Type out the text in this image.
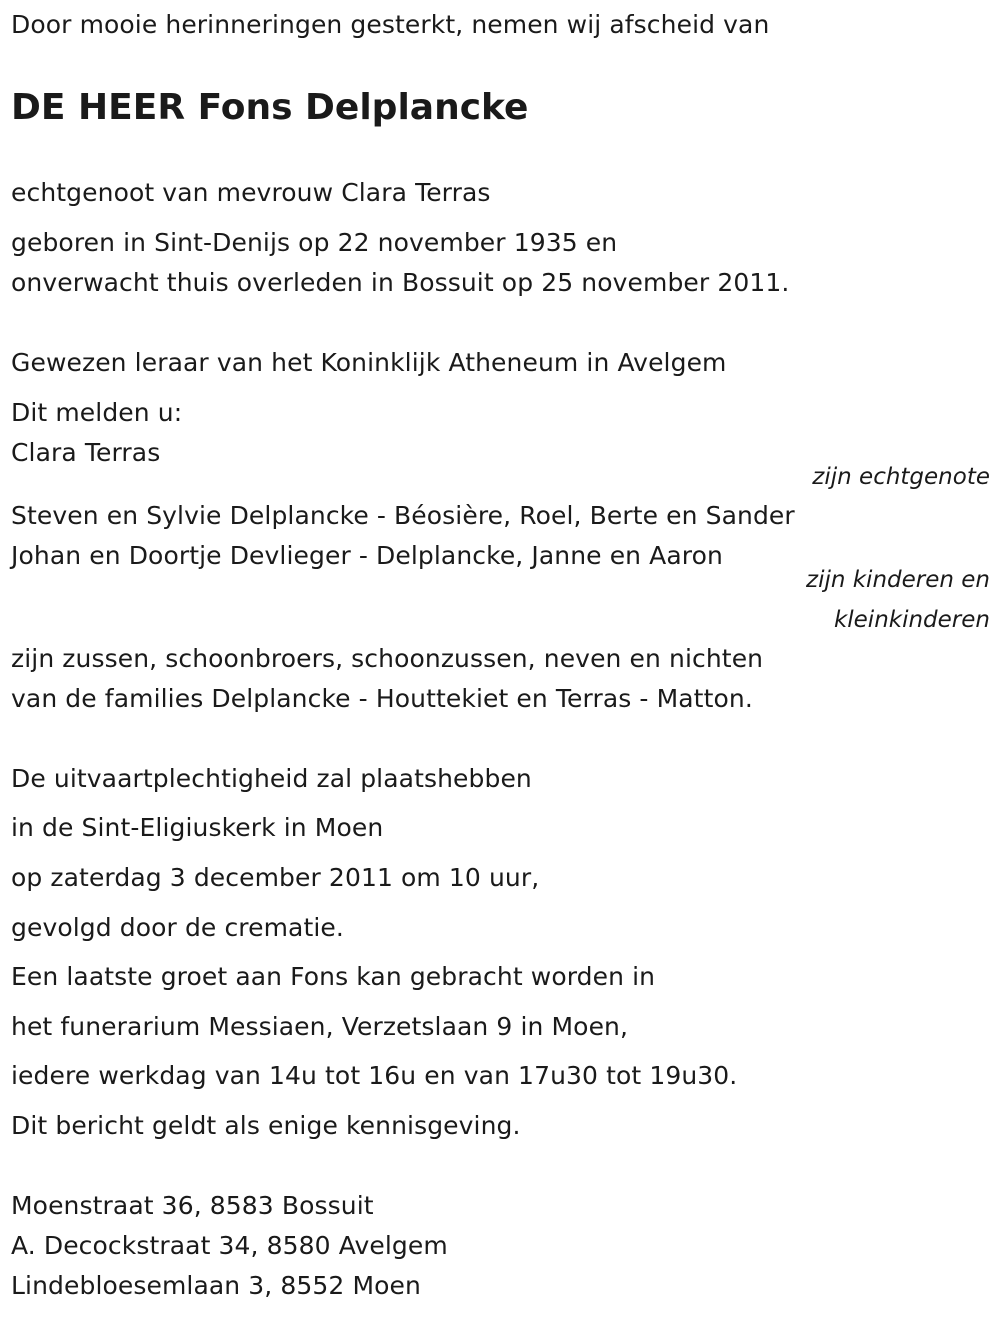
Door mooie herinneringen gesterkt, nemen wij afscheid van
DE HEER Fons Delplancke
echtgenoot van mevrouw Clara Terras
geboren in Sint-Denijs op 22 november 1935 en
onverwacht thuis overleden in Bossuit op 25 november 2011.
Gewezen leraar van het Koninklijk Atheneum in Avelgem
Dit melden u:
Clara Terras
zijn echtgenote
Steven en Sylvie Delplancke - Béosière, Roel, Berte en Sander
Johan en Doortje Devlieger - Delplancke, Janne en Aaron
zijn kinderen en
kleinkinderen
zijn zussen, schoonbroers, schoonzussen, neven en nichten
van de families Delplancke - Houttekiet en Terras - Matton.
De uitvaartplechtigheid zal plaatshebben
in de Sint-Eligiuskerk in Moen
op zaterdag 3 december 2011 om 10 uur,
gevolgd door de crematie.
Een laatste groet aan Fons kan gebracht worden in
het funerarium Messiaen, Verzetslaan 9 in Moen,
iedere werkdag van 14u tot 16u en van 17u30 tot 19u30.
Dit bericht geldt als enige kennisgeving.
Moenstraat 36, 8583 Bossuit
A. Decockstraat 34, 8580 Avelgem
Lindebloesemlaan 3, 8552 Moen
